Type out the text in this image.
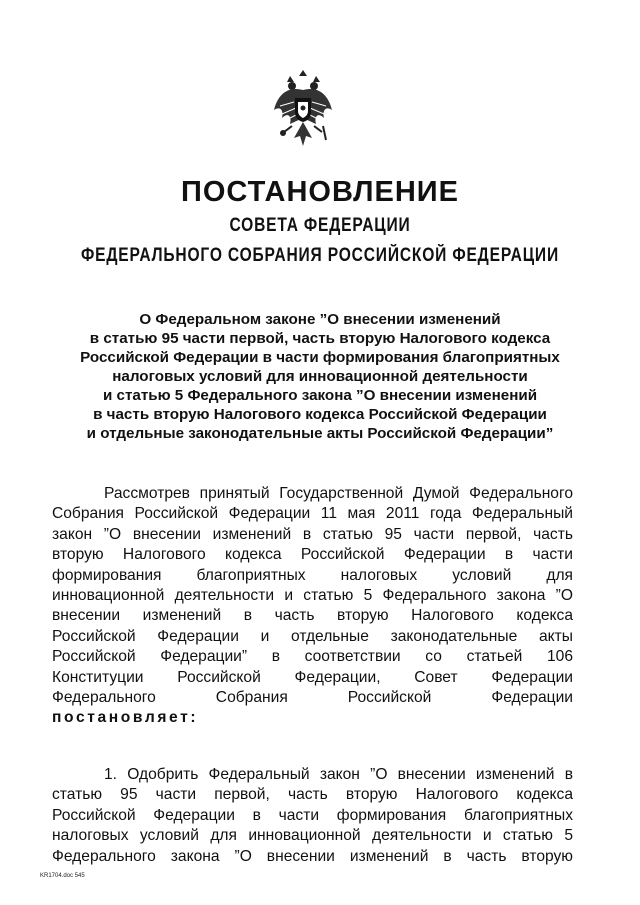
ПОСТАНОВЛЕНИЕ
СОВЕТА ФЕДЕРАЦИИ
ФЕДЕРАЛЬНОГО СОБРАНИЯ РОССИЙСКОЙ ФЕДЕРАЦИИ
О Федеральном законе ”О внесении изменений
в статью 95 части первой, часть вторую Налогового кодекса
Российской Федерации в части формирования благоприятных
налоговых условий для инновационной деятельности
и статью 5 Федерального закона ”О внесении изменений
в часть вторую Налогового кодекса Российской Федерации
и отдельные законодательные акты Российской Федерации”
Рассмотрев принятый Государственной Думой Федерального
Собрания Российской Федерации 11 мая 2011 года Федеральный
закон ”О внесении изменений в статью 95 части первой, часть
вторую Налогового кодекса Российской Федерации в части
формирования благоприятных налоговых условий для
инновационной деятельности и статью 5 Федерального закона ”О
внесении изменений в часть вторую Налогового кодекса
Российской Федерации и отдельные законодательные акты
Российской Федерации” в соответствии со статьей 106
Конституции Российской Федерации, Совет Федерации
Федерального Собрания Российской Федерации
постановляет:
1. Одобрить Федеральный закон ”О внесении изменений в
статью 95 части первой, часть вторую Налогового кодекса
Российской Федерации в части формирования благоприятных
налоговых условий для инновационной деятельности и статью 5
Федерального закона ”О внесении изменений в часть вторую
KR1704.doc 545
